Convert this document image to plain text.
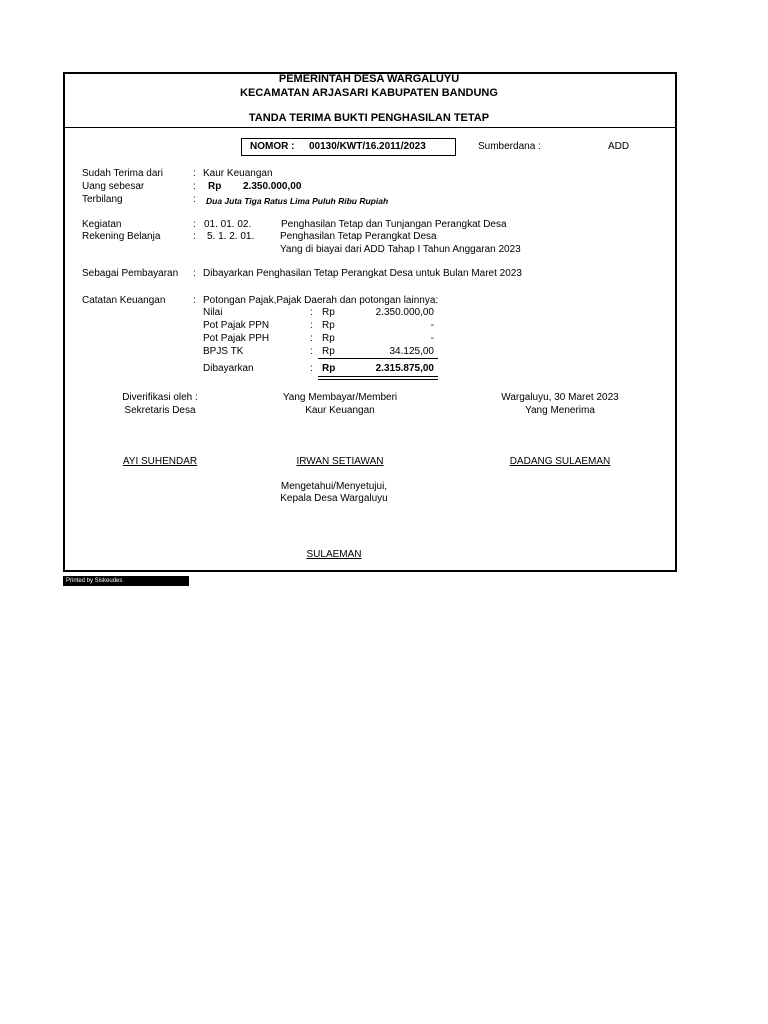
PEMERINTAH DESA WARGALUYU
KECAMATAN ARJASARI KABUPATEN BANDUNG
TANDA TERIMA BUKTI PENGHASILAN TETAP
NOMOR : 00130/KWT/16.2011/2023	Sumberdana :	ADD
Sudah Terima dari	: Kaur Keuangan
Uang sebesar	: Rp 2.350.000,00
Terbilang	: Dua Juta Tiga Ratus Lima Puluh Ribu Rupiah
Kegiatan	: 01. 01. 02.	Penghasilan Tetap dan Tunjangan Perangkat Desa
Rekening Belanja	: 5. 1. 2. 01.	Penghasilan Tetap Perangkat Desa
Yang di biayai dari ADD Tahap I Tahun Anggaran 2023
Sebagai Pembayaran : Dibayarkan Penghasilan Tetap Perangkat Desa untuk Bulan Maret 2023
Catatan Keuangan	: Potongan Pajak,Pajak Daerah dan potongan lainnya:
Nilai	: Rp	2.350.000,00
Pot Pajak PPN	: Rp	-
Pot Pajak PPH	: Rp	-
BPJS TK	: Rp	34.125,00
Dibayarkan	: Rp	2.315.875,00
Diverifikasi oleh :
Sekretaris Desa
AYI SUHENDAR
Yang Membayar/Memberi
Kaur Keuangan
IRWAN SETIAWAN
Wargaluyu, 30 Maret 2023
Yang Menerima
DADANG SULAEMAN
Mengetahui/Menyetujui,
Kepala Desa Wargaluyu
SULAEMAN
Printed by Siskeudes
